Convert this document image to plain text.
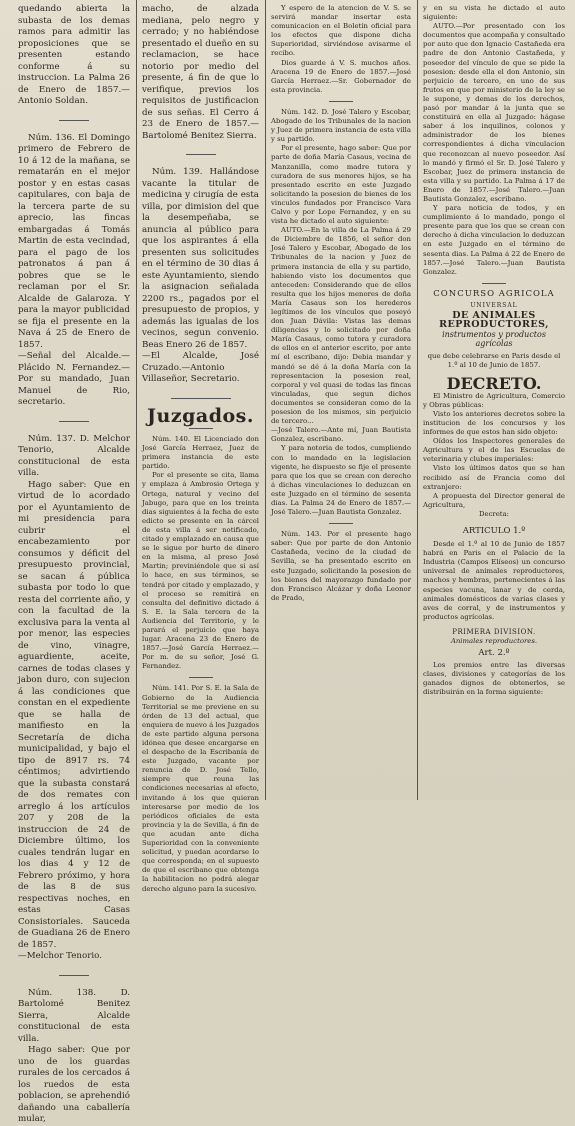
quedando abierta la subasta de los demas ramos para admitir las proposiciones que se presenten estando conforme á su instruccion. La Palma 26 de Enero de 1857.—Antonio Soldan.

Núm. 136. El Domingo primero de Febrero de 10 á 12 de la mañana, se rematarán en el mejor postor y en estas casas capitulares, con baja de la tercera parte de su aprecio, las fincas embargadas á Tomás Martin de esta vecindad, para el pago de los patronatos á pan á pobres que se le reclaman por el Sr. Alcalde de Galaroza. Y para la mayor publicidad se fija el presente en la Nava á 25 de Enero de 1857.

—Señal del Alcalde.—Plácido N. Fernandez.—Por su mandado, Juan Manuel de Rio, secretario.

Núm. 137. D. Melchor Tenorio, Alcalde constitucional de esta villa.

Hago saber: Que en virtud de lo acordado por el Ayuntamiento de mi presidencia para cubrir el encabezamiento por consumos y déficit del presupuesto provincial, se sacan á pública subasta por todo lo que resta del corriente año, y con la facultad de la exclusiva para la venta al por menor, las especies de vino, vinagre, aguardiente, aceite, carnes de todas clases y jabon duro, con sujecion á las condiciones que constan en el expediente que se halla de manifiesto en la Secretaría de dicha municipalidad, y bajo el tipo de 8917 rs. 74 céntimos; advirtiendo que la subasta constará de dos remates con arreglo á los artículos 207 y 208 de la instruccion de 24 de Diciembre último, los cuales tendrán lugar en los dias 4 y 12 de Febrero próximo, y hora de las 8 de sus respectivas noches, en estas Casas Consistoriales. Sauceda de Guadiana 26 de Enero de 1857.

—Melchor Tenorio.

Núm. 138. D. Bartolomé Benitez Sierra, Alcalde constitucional de esta villa.

Hago saber: Que por uno de los guardas rurales de los cercados á los ruedos de esta poblacion, se aprehendió dañando una caballería mular,

macho, de alzada mediana, pelo negro y cerrado; y no habiéndose presentado el dueño en su reclamacion, se hace notorio por medio del presente, á fin de que lo verifique, previos los requisitos de justificacion de sus señas. El Cerro á 23 de Enero de 1857.—Bartolomé Benitez Sierra.

Núm. 139. Hallándose vacante la titular de medicina y cirugía de esta villa, por dimision del que la desempeñaba, se anuncia al público para que los aspirantes á ella presenten sus solicitudes en el término de 30 dias á este Ayuntamiento, siendo la asignacion señalada 2200 rs., pagados por el presupuesto de propios, y además las igualas de los vecinos, segun convenio. Beas Enero 26 de 1857.

—El Alcalde, José Cruzado.—Antonio Villaseñor, Secretario.

Juzgados.

Núm. 140. El Licenciado don José García Herraez, Juez de primera instancia de este partido.

Por el presente se cita, llama y emplaza á Ambrosio Ortega y Ortega, natural y vecino del Jabugo, para que en los treinta dias siguientes á la fecha de este edicto se presente en la cárcel de esta villa á ser notificado, citado y emplazado en causa que se le sigue por hurto de dinero en la misma, al preso José Martin; previniéndole que si así lo hace, en sus términos, se tendrá por citado y emplazado, y el proceso se remitirá en consulta del definitivo dictado á S. E. la Sala tercera de la Audiencia del Territorio, y le parará el perjuicio que haya lugar. Aracena 23 de Enero de 1857.—José García Herraez.—Por m. de su señor, José G. Fernandez.

Núm. 141. Por S. E. la Sala de Gobierno de la Audiencia Territorial se me previene en su órden de 13 del actual, que enquiera de nuevo á los Juzgados de este partido alguna persona idónea que desee encargarse en el despacho de la Escribanía de este Juzgado, vacante por renuncia de D. José Tello, siempre que reuna las condiciones necesarias al efecto, invitando á los que quieran interesarse por medio de los periódicos oficiales de esta provincia y la de Sevilla, á fin de que acudan ante dicha Superioridad con la conveniente solicitud, y puedan acordarse lo que corresponda; en el supuesto de que el escribano que obtenga la habilitacion no podrá alegar derecho alguno para la sucesivo.

Y espero de la atencion de V. S. se servirá mandar insertar esta comunicacion en el Boletín oficial para los efectos que dispone dicha Superioridad, sirviéndose avisarme el recibo.

Dios guarde á V. S. muchos años. Aracena 19 de Enero de 1857.—José García Herraez.—Sr. Gobernador de esta provincia.

Núm. 142. D. José Talero y Escobar, Abogado de los Tribunales de la nacion y Juez de primera instancia de esta villa y su partido.

Por el presente, hago saber: Que por parte de doña María Casaus, vecina de Manzanilla, como madre tutora y curadora de sus menores hijos, se ha presentado escrito en este Juzgado solicitando la posesion de bienes de los vinculos fundados por Francisco Vara Calvo y por Lope Fernandez, y en su vista he dictado el auto siguiente:

AUTO.—En la villa de La Palma á 29 de Diciembre de 1856, el señor don José Talero y Escobar, Abogado de los Tribunales de la nacion y Juez de primera instancia de ella y su partido, habiendo visto los documentos que anteceden: Considerando que de ellos resulta que los hijos menores de doña María Casaus son los herederos legítimos de los vínculos que poseyó don Juan Dávila: Vistas las demas diligencias y lo solicitado por doña María Casaus, como tutora y curadora de ellos en el anterior escrito, por ante mí el escribano, dijo: Debia mandar y mandó se dé á la doña María con la representacion la posesion real, corporal y vel quasi de todas las fincas vinculadas, que segun dichos documentos se consideran como de la posesion de los mismos, sin perjuicio de tercero...

—José Talero.—Ante mí, Juan Bautista Gonzalez, escribano.

Y para notoria de todos, cumpliendo con lo mandado en la legislacion vigente, he dispuesto se fije el presente para que los que se crean con derecho á dichas vinculaciones lo deduzcan en este Juzgado en el término de sesenta dias. La Palma 24 de Enero de 1857.—José Talero.—Juan Bautista Gonzalez.

Núm. 143. Por el presente hago saber: Que por parte de don Antonio Castañeda, vecino de la ciudad de Sevilla, se ha presentado escrito en este Juzgado, solicitando la posesion de los bienes del mayorazgo fundado por don Francisco Alcázar y doña Leonor de Prado,

y en su vista he dictado el auto siguiente:

AUTO.—Por presentado con los documentos que acompaña y consultado por auto que don Ignacio Castañeda era padre de don Antonio Castañeda, y poseedor del vínculo de que se pide la posesion: desde ella el don Antonio, sin perjuicio de tercero, en uno de sus frutos en que por ministerio de la ley se le supone, y demas de los derechos, pasó por mandar á la junta que se constituirá en ella al Juzgado: hágase saber á los inquilinos, colonos y administrador de los bienes correspondientes á dicha vinculacion que reconozcan al nuevo poseedor. Así lo mandó y firmó el Sr. D. José Talero y Escobar, Juez de primera instancia de esta villa y su partido. La Palma á 17 de Enero de 1857.—José Talero.—Juan Bautista Gonzalez, escribano.

Y para noticia de todos, y en cumplimiento á lo mandado, pongo el presente para que los que se crean con derecho á dicha vinculacion lo deduzcan en este Juzgado en el término de sesenta dias. La Palma á 22 de Enero de 1857.—José Talero.—Juan Bautista Gonzalez.

CONCURSO AGRICOLA
UNIVERSAL
DE ANIMALES REPRODUCTORES,
instrumentos y productos agrícolas

que debe celebrarse en Paris desde el 1.º al 10 de Junio de 1857.

DECRETO.

El Ministro de Agricultura, Comercio y Obras públicas:

Visto los anteriores decretos sobre la institucion de los concursos y los informes de que estos han sido objeto:

Oídos los Inspectores generales de Agricultura y el de las Escuelas de veterinaria y clubes imperiales:

Visto los últimos datos que se han recibido así de Francia como del extranjero:

A propuesta del Director general de Agricultura,

Decreta:

ARTICULO 1.º

Desde el 1.º al 10 de Junio de 1857 habrá en Paris en el Palacio de la Industria (Campos Elíseos) un concurso universal de animales reproductores, machos y hembras, pertenecientes á las especies vacuna, lanar y de cerda, animales domésticos de varias clases y aves de corral, y de instrumentos y productos agrícolas.

PRIMERA DIVISION.

Animales reproductores.

Art. 2.º

Los premios entre las diversas clases, divisiones y categorías de los ganados dignos de obtenerlos, se distribuirán en la forma siguiente:
